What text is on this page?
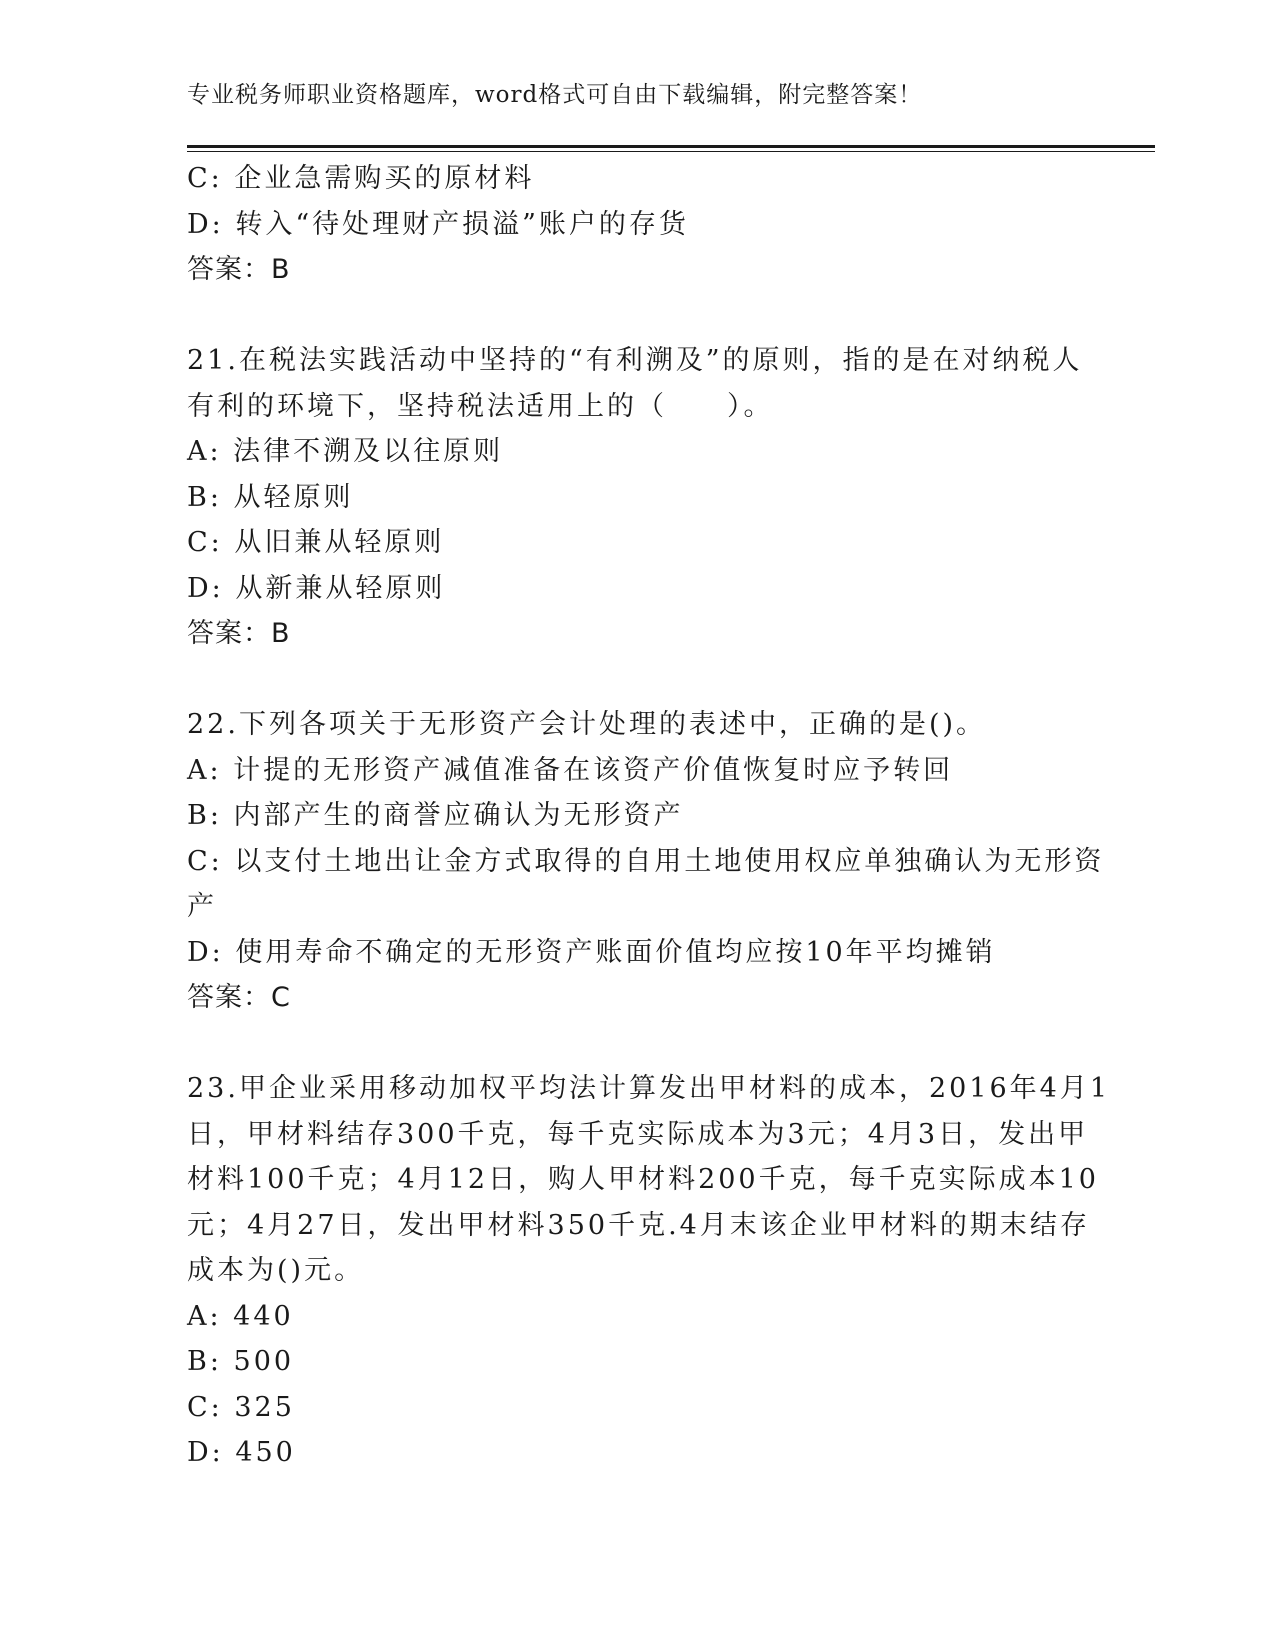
专业税务师职业资格题库，word格式可自由下载编辑，附完整答案！
C: 企业急需购买的原材料
D: 转入“待处理财产损溢”账户的存货
答案：B
21.在税法实践活动中坚持的“有利溯及”的原则，指的是在对纳税人
有利的环境下，坚持税法适用上的（　　）。
A: 法律不溯及以往原则
B: 从轻原则
C: 从旧兼从轻原则
D: 从新兼从轻原则
答案：B
22.下列各项关于无形资产会计处理的表述中，正确的是()。
A: 计提的无形资产减值准备在该资产价值恢复时应予转回
B: 内部产生的商誉应确认为无形资产
C: 以支付土地出让金方式取得的自用土地使用权应单独确认为无形资
产
D: 使用寿命不确定的无形资产账面价值均应按10年平均摊销
答案：C
23.甲企业采用移动加权平均法计算发出甲材料的成本，2016年4月1
日，甲材料结存300千克，每千克实际成本为3元；4月3日，发出甲
材料100千克；4月12日，购人甲材料200千克，每千克实际成本10
元；4月27日，发出甲材料350千克.4月末该企业甲材料的期末结存
成本为()元。
A: 440
B: 500
C: 325
D: 450
